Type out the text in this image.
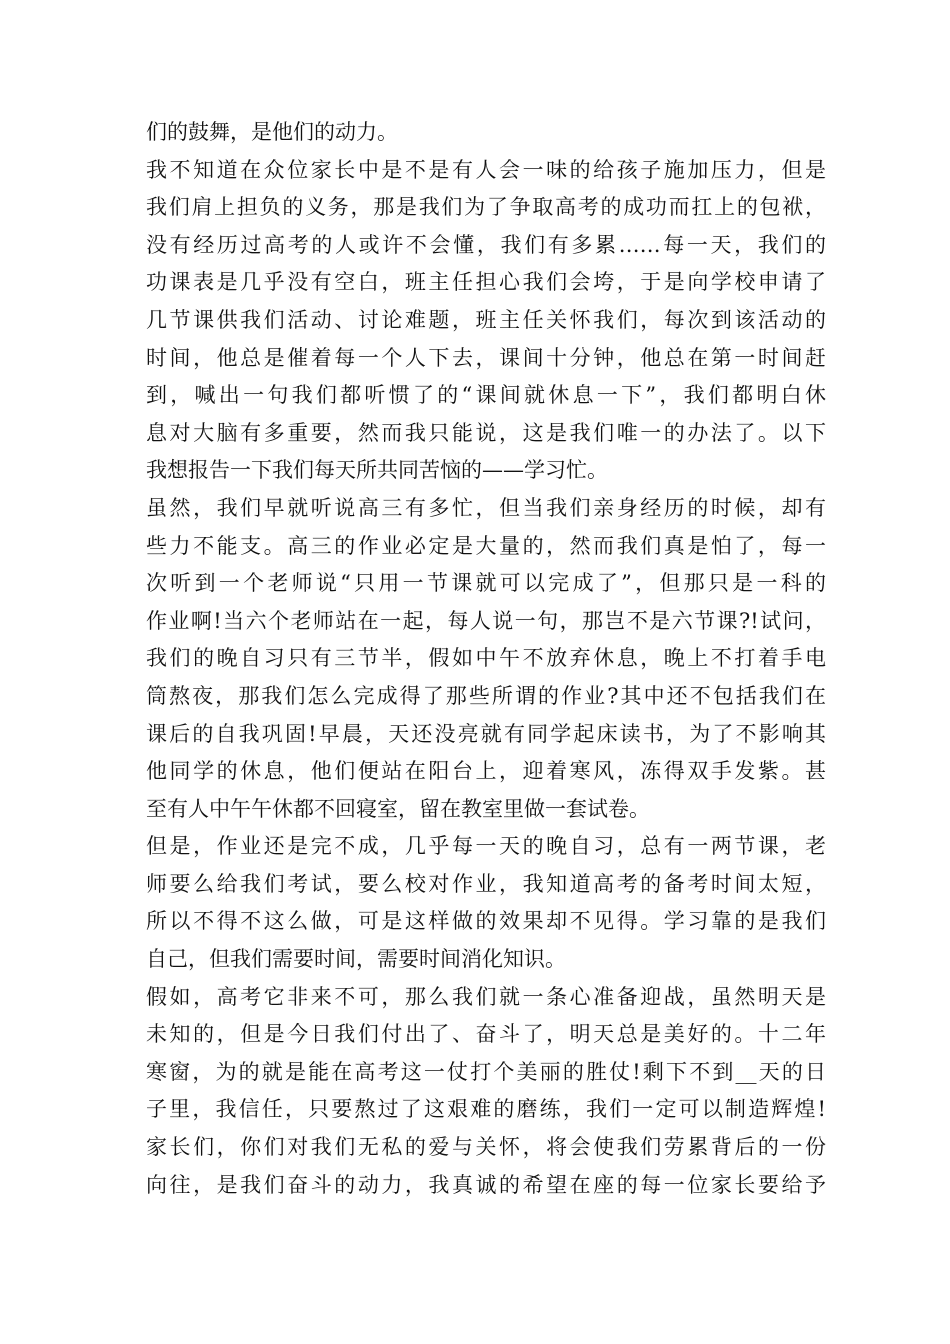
们的鼓舞，是他们的动力。
我不知道在众位家长中是不是有人会一味的给孩子施加压力，但是
我们肩上担负的义务，那是我们为了争取高考的成功而扛上的包袱，
没有经历过高考的人或许不会懂，我们有多累……每一天，我们的
功课表是几乎没有空白，班主任担心我们会垮，于是向学校申请了
几节课供我们活动、讨论难题，班主任关怀我们，每次到该活动的
时间，他总是催着每一个人下去，课间十分钟，他总在第一时间赶
到，喊出一句我们都听惯了的“课间就休息一下”，我们都明白休
息对大脑有多重要，然而我只能说，这是我们唯一的办法了。以下
我想报告一下我们每天所共同苦恼的——学习忙。
虽然，我们早就听说高三有多忙，但当我们亲身经历的时候，却有
些力不能支。高三的作业必定是大量的，然而我们真是怕了，每一
次听到一个老师说“只用一节课就可以完成了”，但那只是一科的
作业啊!当六个老师站在一起，每人说一句，那岂不是六节课?!试问，
我们的晚自习只有三节半，假如中午不放弃休息，晚上不打着手电
筒熬夜，那我们怎么完成得了那些所谓的作业?其中还不包括我们在
课后的自我巩固!早晨，天还没亮就有同学起床读书，为了不影响其
他同学的休息，他们便站在阳台上，迎着寒风，冻得双手发紫。甚
至有人中午午休都不回寝室，留在教室里做一套试卷。
但是，作业还是完不成，几乎每一天的晚自习，总有一两节课，老
师要么给我们考试，要么校对作业，我知道高考的备考时间太短，
所以不得不这么做，可是这样做的效果却不见得。学习靠的是我们
自己，但我们需要时间，需要时间消化知识。
假如，高考它非来不可，那么我们就一条心准备迎战，虽然明天是
未知的，但是今日我们付出了、奋斗了，明天总是美好的。十二年
寒窗，为的就是能在高考这一仗打个美丽的胜仗!剩下不到__天的日
子里，我信任，只要熬过了这艰难的磨练，我们一定可以制造辉煌!
家长们，你们对我们无私的爱与关怀，将会使我们劳累背后的一份
向往，是我们奋斗的动力，我真诚的希望在座的每一位家长要给予
